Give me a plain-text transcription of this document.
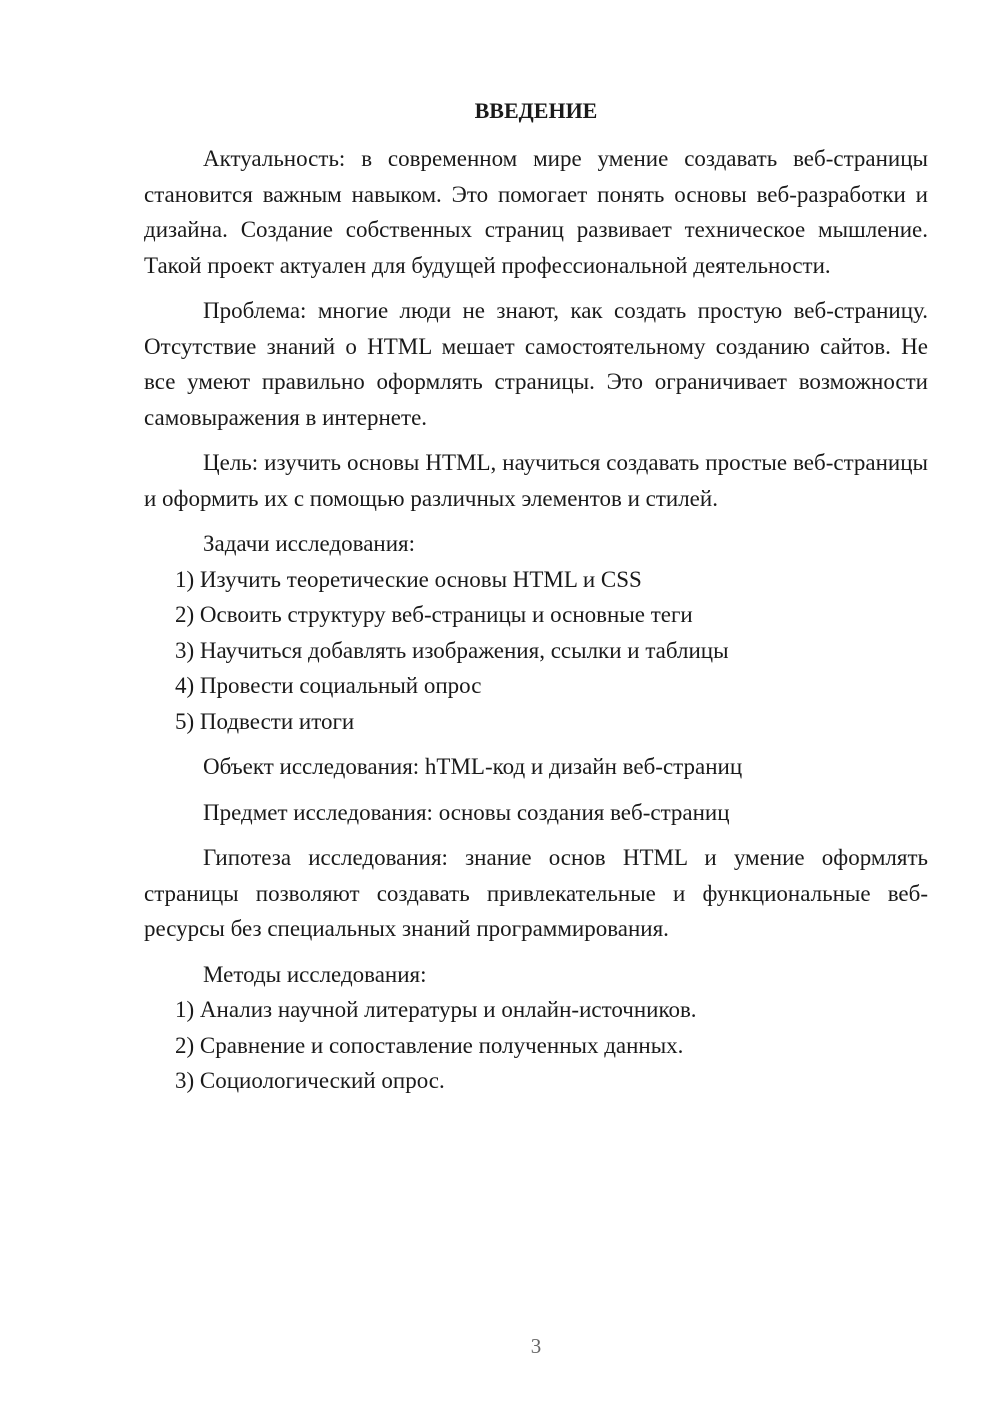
ВВЕДЕНИЕ

Актуальность: в современном мире умение создавать веб-страницы становится важным навыком. Это помогает понять основы веб-разработки и дизайна. Создание собственных страниц развивает техническое мышление. Такой проект актуален для будущей профессиональной деятельности.

Проблема: многие люди не знают, как создать простую веб-страницу. Отсутствие знаний о HTML мешает самостоятельному созданию сайтов. Не все умеют правильно оформлять страницы. Это ограничивает возможности самовыражения в интернете.

Цель: изучить основы HTML, научиться создавать простые веб-страницы и оформить их с помощью различных элементов и стилей.

Задачи исследования:

1) Изучить теоретические основы HTML и CSS
2) Освоить структуру веб-страницы и основные теги
3) Научиться добавлять изображения, ссылки и таблицы
4) Провести социальный опрос
5) Подвести итоги

Объект исследования: hTML-код и дизайн веб-страниц

Предмет исследования: основы создания веб-страниц

Гипотеза исследования: знание основ HTML и умение оформлять страницы позволяют создавать привлекательные и функциональные веб-ресурсы без специальных знаний программирования.

Методы исследования:

1) Анализ научной литературы и онлайн-источников.
2) Сравнение и сопоставление полученных данных.
3) Социологический опрос.
3
